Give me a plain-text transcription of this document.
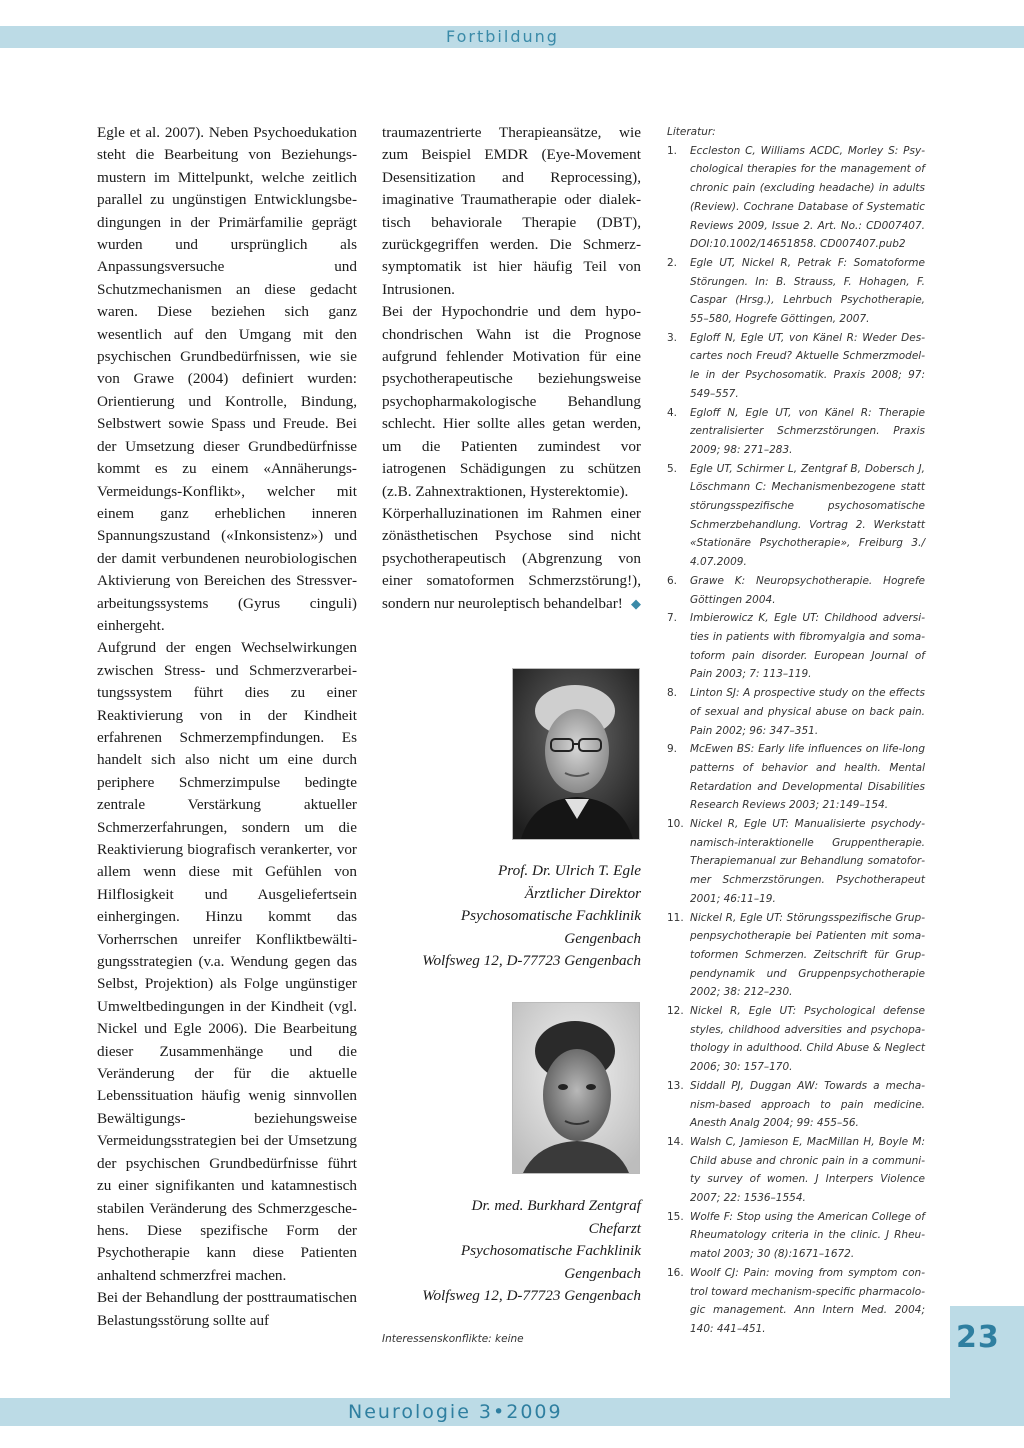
Fortbildung

Egle et al. 2007). Neben Psychoedukation steht die Bearbeitung von Beziehungsmustern im Mittelpunkt, welche zeitlich parallel zu ungünstigen Entwicklungsbedingungen in der Primärfamilie geprägt wurden und ursprünglich als Anpassungsversuche und Schutzmechanismen an diese gedacht waren. Diese beziehen sich ganz wesentlich auf den Umgang mit den psychischen Grundbedürfnissen, wie sie von Grawe (2004) definiert wurden: Orientierung und Kontrolle, Bindung, Selbstwert sowie Spass und Freude. Bei der Umsetzung dieser Grundbedürfnisse kommt es zu einem «Annäherungs-Vermeidungs-Konflikt», welcher mit einem ganz erheblichen inneren Spannungszustand («Inkonsistenz») und der damit verbundenen neurobiologischen Aktivierung von Bereichen des Stressverarbeitungssystems (Gyrus cinguli) einhergeht.

Aufgrund der engen Wechselwirkungen zwischen Stress- und Schmerzverarbeitungssystem führt dies zu einer Reaktivierung von in der Kindheit erfahrenen Schmerzempfindungen. Es handelt sich also nicht um eine durch periphere Schmerzimpulse bedingte zentrale Verstärkung aktueller Schmerzerfahrungen, sondern um die Reaktivierung biografisch verankerter, vor allem wenn diese mit Gefühlen von Hilflosigkeit und Ausgeliefertsein einhergingen. Hinzu kommt das Vorherrschen unreifer Konfliktbewältigungsstrategien (v.a. Wendung gegen das Selbst, Projektion) als Folge ungünstiger Umweltbedingungen in der Kindheit (vgl. Nickel und Egle 2006). Die Bearbeitung dieser Zusammenhänge und die Veränderung der für die aktuelle Lebenssituation häufig wenig sinnvollen Bewältigungs- beziehungsweise Vermeidungsstrategien bei der Umsetzung der psychischen Grundbedürfnisse führt zu einer signifikanten und katamnestisch stabilen Veränderung des Schmerzgeschehens. Diese spezifische Form der Psychotherapie kann diese Patienten anhaltend schmerzfrei machen.

Bei der Behandlung der posttraumatischen Belastungsstörung sollte auf

traumazentrierte Therapieansätze, wie zum Beispiel EMDR (Eye-Movement Desensitization and Reprocessing), imaginative Traumatherapie oder dialektisch behaviorale Therapie (DBT), zurückgegriffen werden. Die Schmerzsymptomatik ist hier häufig Teil von Intrusionen.

Bei der Hypochondrie und dem hypochondrischen Wahn ist die Prognose aufgrund fehlender Motivation für eine psychotherapeutische beziehungsweise psychopharmakologische Behandlung schlecht. Hier sollte alles getan werden, um die Patienten zumindest vor iatrogenen Schädigungen zu schützen (z.B. Zahnextraktionen, Hysterektomie).

Körperhalluzinationen im Rahmen einer zönästhetischen Psychose sind nicht psychotherapeutisch (Abgrenzung von einer somatoformen Schmerzstörung!), sondern nur neuroleptisch behandelbar! ◆

Prof. Dr. Ulrich T. Egle
Ärztlicher Direktor
Psychosomatische Fachklinik
Gengenbach
Wolfsweg 12, D-77723 Gengenbach
Dr. med. Burkhard Zentgraf
Chefarzt
Psychosomatische Fachklinik
Gengenbach
Wolfsweg 12, D-77723 Gengenbach
Interessenskonflikte: keine

Literatur:

1. Eccleston C, Williams ACDC, Morley S: Psychological therapies for the management of chronic pain (excluding headache) in adults (Review). Cochrane Database of Systematic Reviews 2009, Issue 2. Art. No.: CD007407. DOI:10.1002/14651858. CD007407.pub2
2. Egle UT, Nickel R, Petrak F: Somatoforme Störungen. In: B. Strauss, F. Hohagen, F. Caspar (Hrsg.), Lehrbuch Psychotherapie, 55–580, Hogrefe Göttingen, 2007.
3. Egloff N, Egle UT, von Känel R: Weder Descartes noch Freud? Aktuelle Schmerzmodelle in der Psychosomatik. Praxis 2008; 97: 549–557.
4. Egloff N, Egle UT, von Känel R: Therapie zentralisierter Schmerzstörungen. Praxis 2009; 98: 271–283.
5. Egle UT, Schirmer L, Zentgraf B, Dobersch J, Löschmann C: Mechanismenbezogene statt störungsspezifische psychosomatische Schmerzbehandlung. Vortrag 2. Werkstatt «Stationäre Psychotherapie», Freiburg 3./ 4.07.2009.
6. Grawe K: Neuropsychotherapie. Hogrefe Göttingen 2004.
7. Imbierowicz K, Egle UT: Childhood adversities in patients with fibromyalgia and somatoform pain disorder. European Journal of Pain 2003; 7: 113–119.
8. Linton SJ: A prospective study on the effects of sexual and physical abuse on back pain. Pain 2002; 96: 347–351.
9. McEwen BS: Early life influences on life-long patterns of behavior and health. Mental Retardation and Developmental Disabilities Research Reviews 2003; 21:149–154.
10. Nickel R, Egle UT: Manualisierte psychodynamisch-interaktionelle Gruppentherapie. Therapiemanual zur Behandlung somatoformer Schmerzstörungen. Psychotherapeut 2001; 46:11–19.
11. Nickel R, Egle UT: Störungsspezifische Gruppenpsychotherapie bei Patienten mit somatoformen Schmerzen. Zeitschrift für Gruppendynamik und Gruppenpsychotherapie 2002; 38: 212–230.
12. Nickel R, Egle UT: Psychological defense styles, childhood adversities and psychopathology in adulthood. Child Abuse & Neglect 2006; 30: 157–170.
13. Siddall PJ, Duggan AW: Towards a mechanism-based approach to pain medicine. Anesth Analg 2004; 99: 455–56.
14. Walsh C, Jamieson E, MacMillan H, Boyle M: Child abuse and chronic pain in a community survey of women. J Interpers Violence 2007; 22: 1536–1554.
15. Wolfe F: Stop using the American College of Rheumatology criteria in the clinic. J Rheumatol 2003; 30 (8):1671–1672.
16. Woolf CJ: Pain: moving from symptom control toward mechanism-specific pharmacologic management. Ann Intern Med. 2004; 140: 441–451.	23
Neurologie 3•2009
